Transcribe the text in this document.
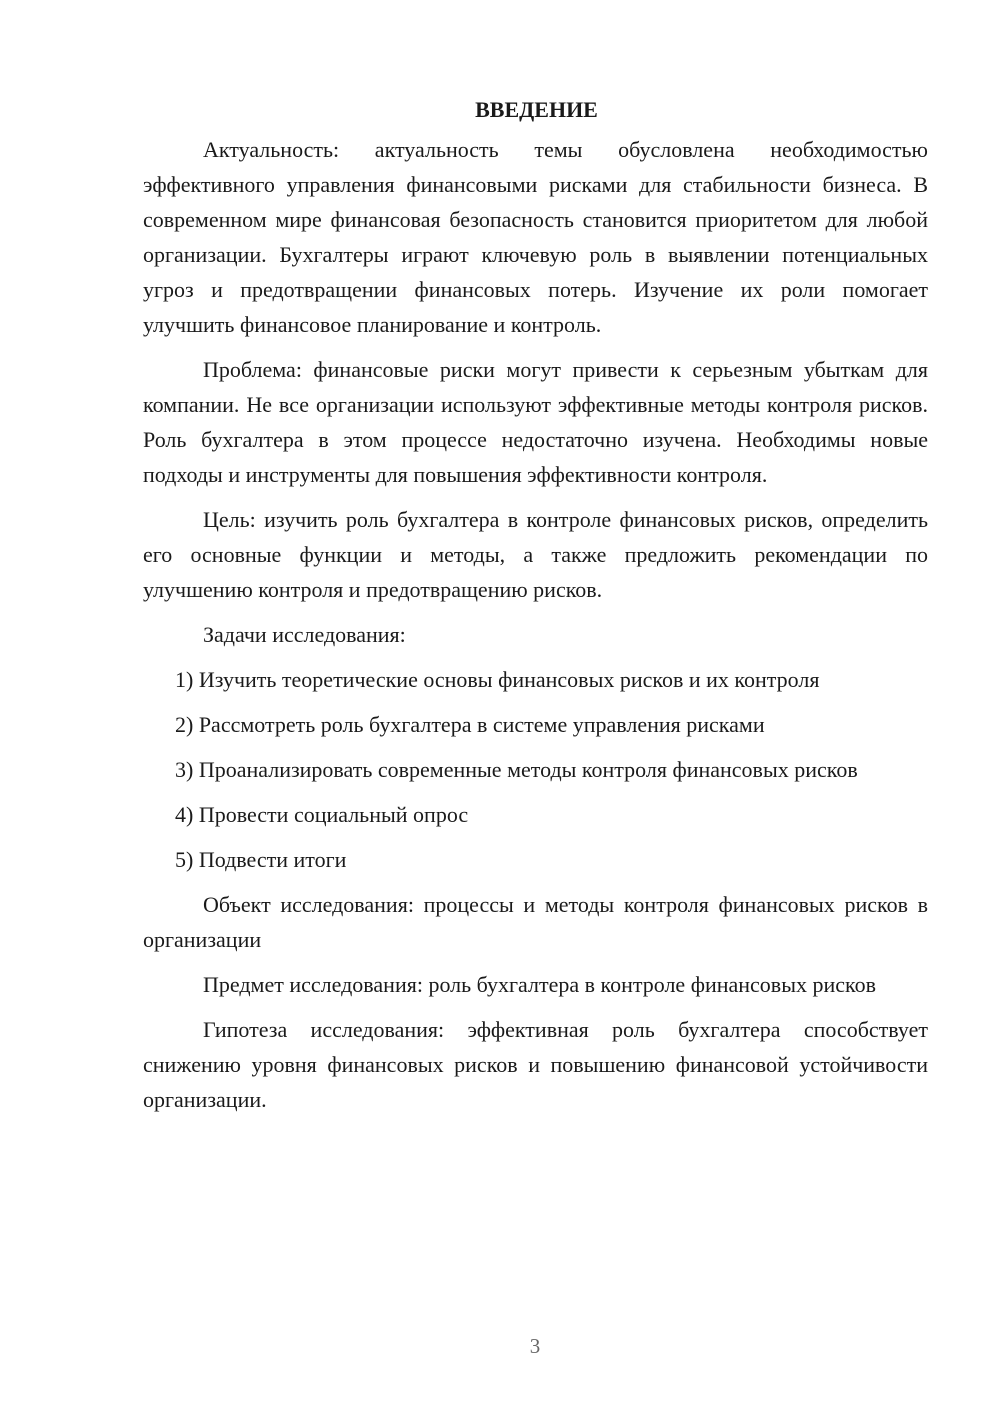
ВВЕДЕНИЕ

Актуальность: актуальность темы обусловлена необходимостью эффективного управления финансовыми рисками для стабильности бизнеса. В современном мире финансовая безопасность становится приоритетом для любой организации. Бухгалтеры играют ключевую роль в выявлении потенциальных угроз и предотвращении финансовых потерь. Изучение их роли помогает улучшить финансовое планирование и контроль.

Проблема: финансовые риски могут привести к серьезным убыткам для компании. Не все организации используют эффективные методы контроля рисков. Роль бухгалтера в этом процессе недостаточно изучена. Необходимы новые подходы и инструменты для повышения эффективности контроля.

Цель: изучить роль бухгалтера в контроле финансовых рисков, определить его основные функции и методы, а также предложить рекомендации по улучшению контроля и предотвращению рисков.

Задачи исследования:

1) Изучить теоретические основы финансовых рисков и их контроля

2) Рассмотреть роль бухгалтера в системе управления рисками

3) Проанализировать современные методы контроля финансовых рисков

4) Провести социальный опрос

5) Подвести итоги

Объект исследования: процессы и методы контроля финансовых рисков в организации

Предмет исследования: роль бухгалтера в контроле финансовых рисков

Гипотеза исследования: эффективная роль бухгалтера способствует снижению уровня финансовых рисков и повышению финансовой устойчивости организации.

3
